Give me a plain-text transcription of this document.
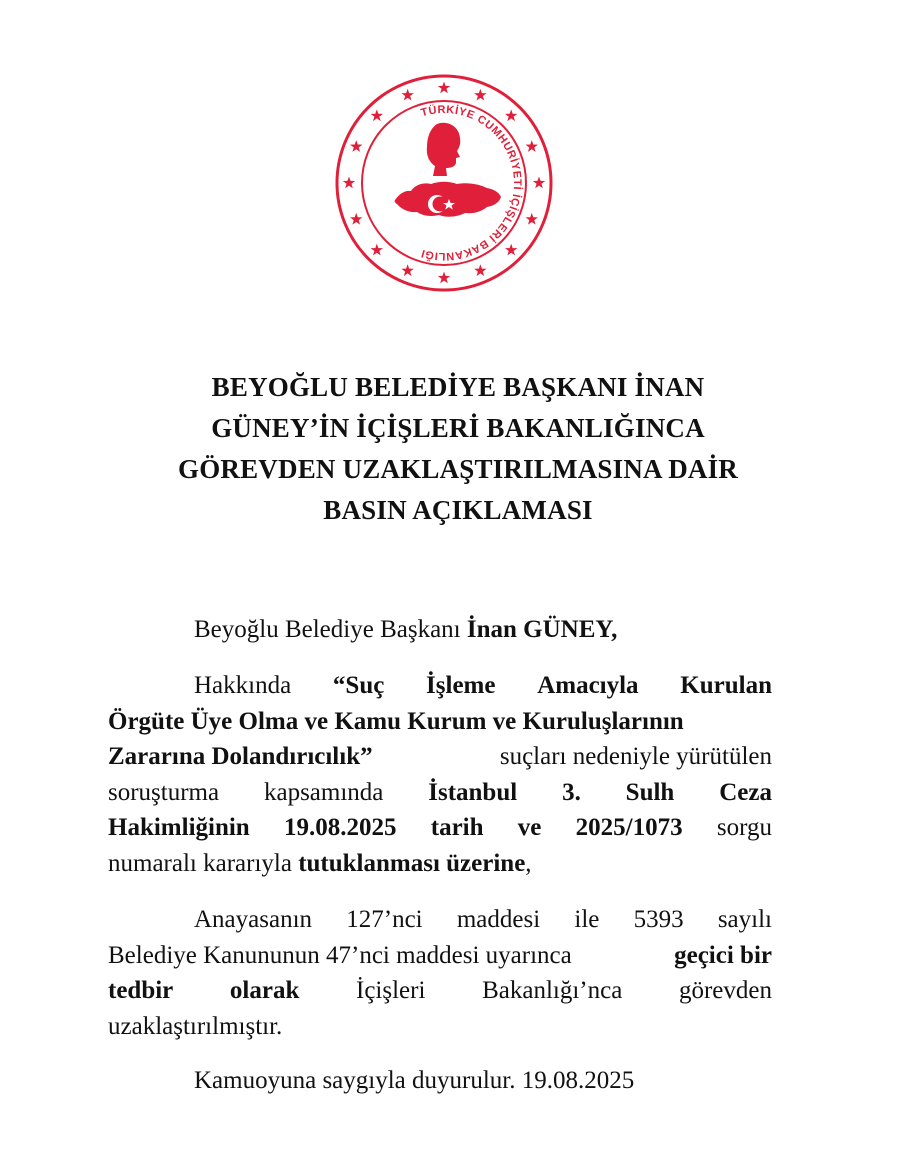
TÜRKİYE CUMHURİYETİ İÇİŞLERİ BAKANLIĞI
BEYOĞLU BELEDİYE BAŞKANI İNAN
GÜNEY’İN İÇİŞLERİ BAKANLIĞINCA
GÖREVDEN UZAKLAŞTIRILMASINA DAİR
BASIN AÇIKLAMASI
Beyoğlu Belediye Başkanı İnan GÜNEY,
Hakkında “Suç İşleme Amacıyla Kurulan
Örgüte Üye Olma ve Kamu Kurum ve Kuruluşlarının
Zararına Dolandırıcılık”	suçları nedeniyle yürütülen
soruşturma kapsamında İstanbul 3. Sulh Ceza
Hakimliğinin 19.08.2025 tarih ve 2025/1073 sorgu
numaralı kararıyla tutuklanması üzerine,
Anayasanın 127’nci maddesi ile 5393 sayılı
Belediye Kanununun 47’nci maddesi uyarınca	geçici bir
tedbir olarak İçişleri Bakanlığı’nca görevden
uzaklaştırılmıştır.
Kamuoyuna saygıyla duyurulur. 19.08.2025
